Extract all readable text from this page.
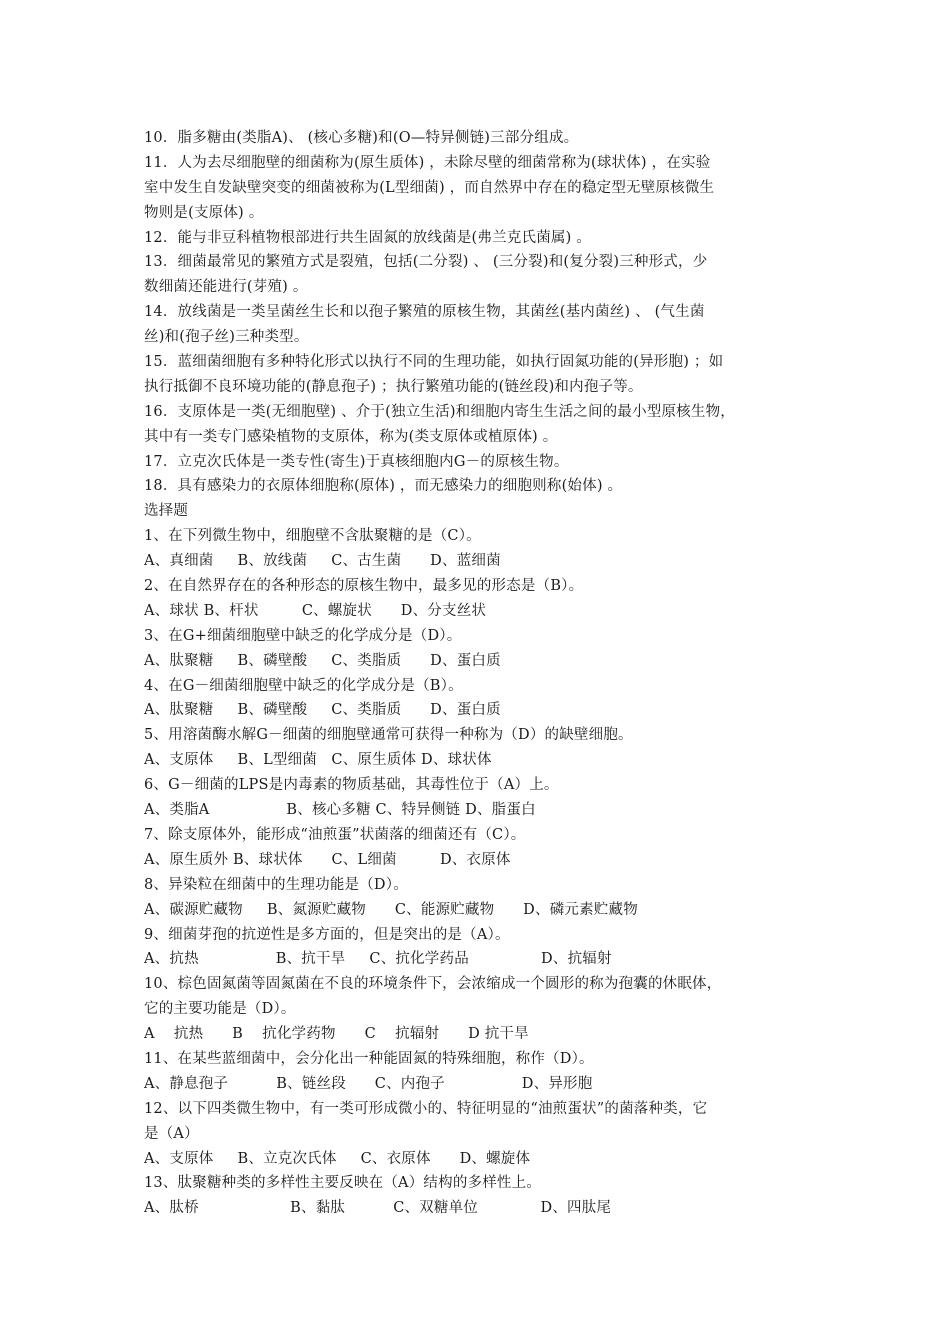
10．脂多糖由(类脂A)、 (核心多糖)和(O—特异侧链)三部分组成。
11．人为去尽细胞壁的细菌称为(原生质体) ，未除尽壁的细菌常称为(球状体) ，在实验
室中发生自发缺壁突变的细菌被称为(L型细菌) ，而自然界中存在的稳定型无壁原核微生
物则是(支原体) 。
12．能与非豆科植物根部进行共生固氮的放线菌是(弗兰克氏菌属) 。
13．细菌最常见的繁殖方式是裂殖，包括(二分裂) 、 (三分裂)和(复分裂)三种形式，少
数细菌还能进行(芽殖) 。
14．放线菌是一类呈菌丝生长和以孢子繁殖的原核生物，其菌丝(基内菌丝) 、 (气生菌
丝)和(孢子丝)三种类型。
15．蓝细菌细胞有多种特化形式以执行不同的生理功能，如执行固氮功能的(异形胞) ；如
执行抵御不良环境功能的(静息孢子) ；执行繁殖功能的(链丝段)和内孢子等。
16．支原体是一类(无细胞壁) 、介于(独立生活)和细胞内寄生生活之间的最小型原核生物，
其中有一类专门感染植物的支原体，称为(类支原体或植原体) 。
17．立克次氏体是一类专性(寄生)于真核细胞内G－的原核生物。
18．具有感染力的衣原体细胞称(原体) ，而无感染力的细胞则称(始体) 。
选择题
1、在下列微生物中，细胞壁不含肽聚糖的是（C）。
A、真细菌     B、放线菌     C、古生菌      D、蓝细菌
2、在自然界存在的各种形态的原核生物中，最多见的形态是（B）。
A、球状 B、杆状         C、螺旋状      D、分支丝状
3、在G+细菌细胞壁中缺乏的化学成分是（D）。
A、肽聚糖     B、磷壁酸     C、类脂质      D、蛋白质
4、在G－细菌细胞壁中缺乏的化学成分是（B）。
A、肽聚糖     B、磷壁酸     C、类脂质      D、蛋白质
5、用溶菌酶水解G－细菌的细胞壁通常可获得一种称为（D）的缺壁细胞。
A、支原体     B、L型细菌   C、原生质体 D、球状体
6、G－细菌的LPS是内毒素的物质基础，其毒性位于（A）上。
A、类脂A                B、核心多糖 C、特异侧链 D、脂蛋白
7、除支原体外，能形成“油煎蛋”状菌落的细菌还有（C）。
A、原生质外 B、球状体      C、L细菌         D、衣原体
8、异染粒在细菌中的生理功能是（D）。
A、碳源贮藏物     B、氮源贮藏物      C、能源贮藏物      D、磷元素贮藏物
9、细菌芽孢的抗逆性是多方面的，但是突出的是（A）。
A、抗热                B、抗干旱     C、抗化学药品               D、抗辐射
10、棕色固氮菌等固氮菌在不良的环境条件下，会浓缩成一个圆形的称为孢囊的休眠体，
它的主要功能是（D）。
A    抗热      B    抗化学药物      C    抗辐射      D 抗干旱
11、在某些蓝细菌中，会分化出一种能固氮的特殊细胞，称作（D）。
A、静息孢子          B、链丝段      C、内孢子                D、异形胞
12、以下四类微生物中，有一类可形成微小的、特征明显的“油煎蛋状”的菌落种类，它
是（A）
A、支原体     B、立克次氏体     C、衣原体      D、螺旋体
13、肽聚糖种类的多样性主要反映在（A）结构的多样性上。
A、肽桥                   B、黏肽          C、双糖单位             D、四肽尾
